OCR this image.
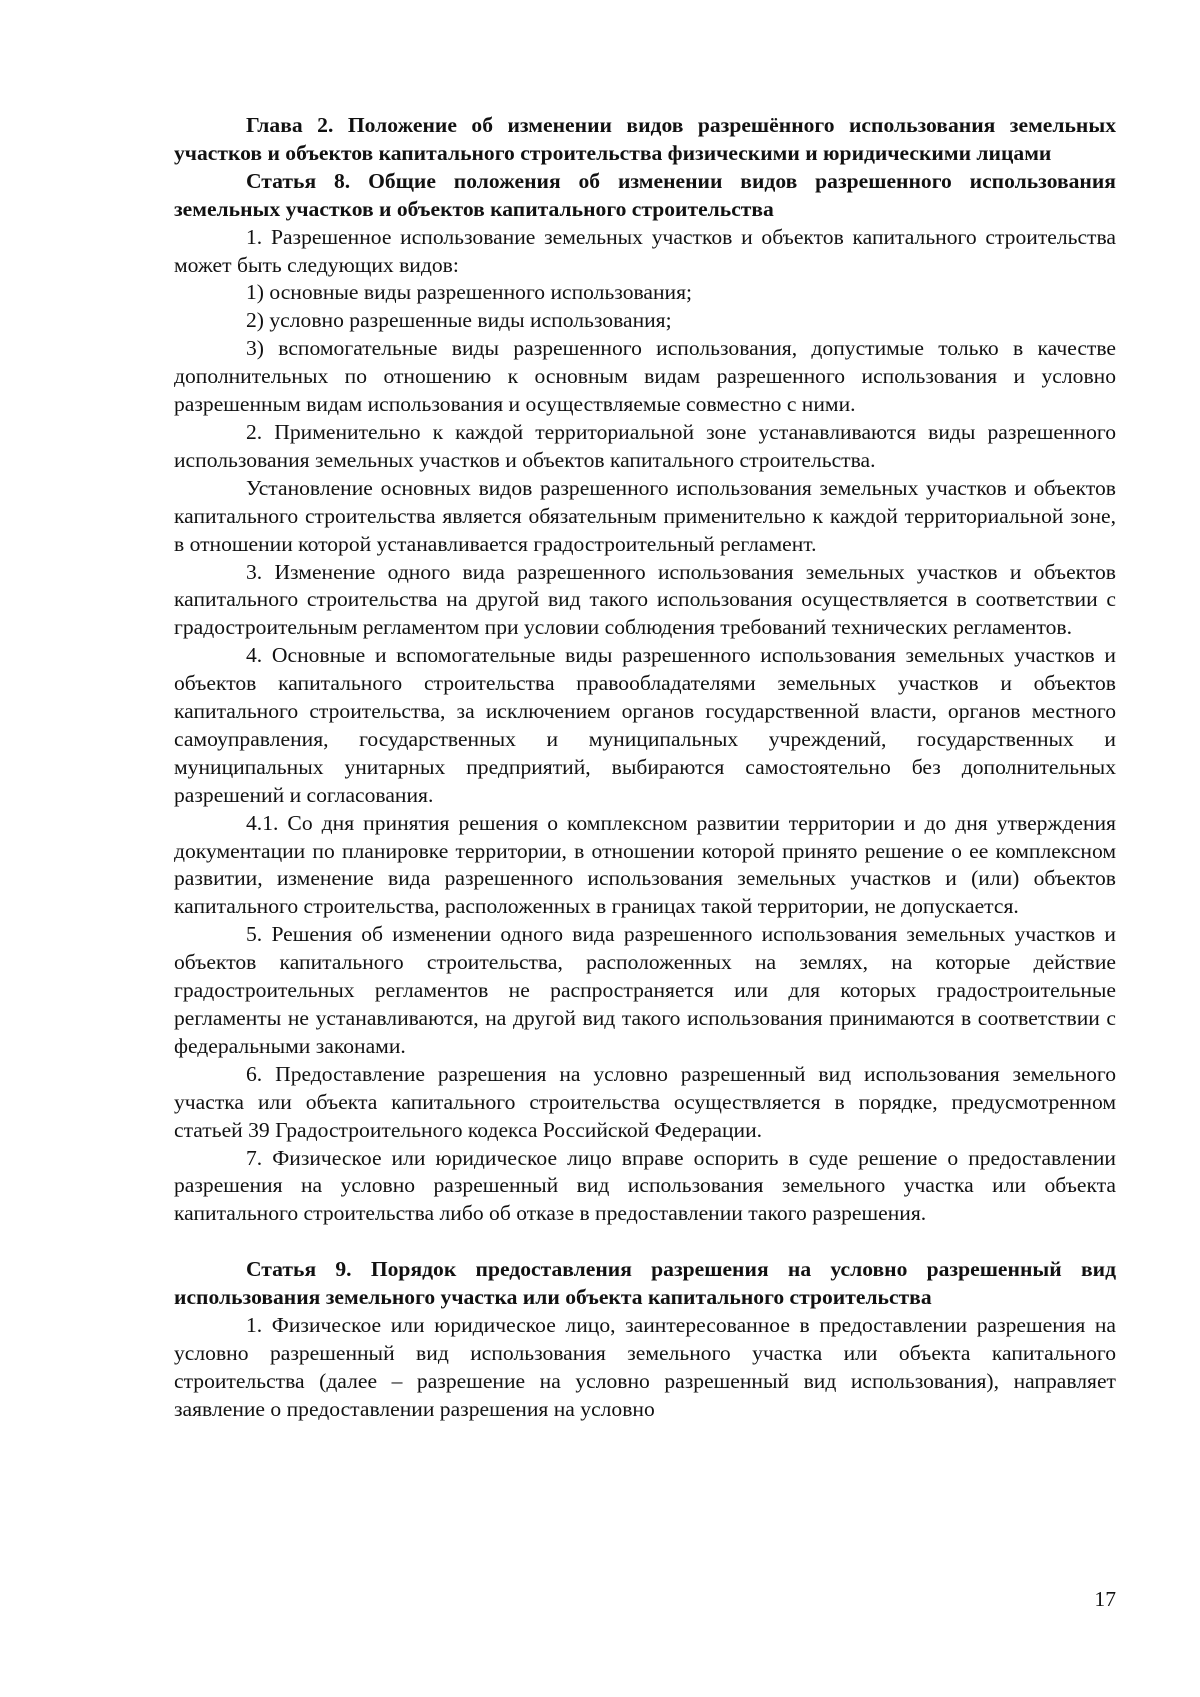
Глава 2. Положение об изменении видов разрешённого использования земельных участков и объектов капитального строительства физическими и юридическими лицами

Статья 8. Общие положения об изменении видов разрешенного использования земельных участков и объектов капитального строительства

1. Разрешенное использование земельных участков и объектов капитального строительства может быть следующих видов:

1) основные виды разрешенного использования;

2) условно разрешенные виды использования;

3) вспомогательные виды разрешенного использования, допустимые только в качестве дополнительных по отношению к основным видам разрешенного использования и условно разрешенным видам использования и осуществляемые совместно с ними.

2. Применительно к каждой территориальной зоне устанавливаются виды разрешенного использования земельных участков и объектов капитального строительства.

Установление основных видов разрешенного использования земельных участков и объектов капитального строительства является обязательным применительно к каждой территориальной зоне, в отношении которой устанавливается градостроительный регламент.

3. Изменение одного вида разрешенного использования земельных участков и объектов капитального строительства на другой вид такого использования осуществляется в соответствии с градостроительным регламентом при условии соблюдения требований технических регламентов.

4. Основные и вспомогательные виды разрешенного использования земельных участков и объектов капитального строительства правообладателями земельных участков и объектов капитального строительства, за исключением органов государственной власти, органов местного самоуправления, государственных и муниципальных учреждений, государственных и муниципальных унитарных предприятий, выбираются самостоятельно без дополнительных разрешений и согласования.

4.1. Со дня принятия решения о комплексном развитии территории и до дня утверждения документации по планировке территории, в отношении которой принято решение о ее комплексном развитии, изменение вида разрешенного использования земельных участков и (или) объектов капитального строительства, расположенных в границах такой территории, не допускается.

5. Решения об изменении одного вида разрешенного использования земельных участков и объектов капитального строительства, расположенных на землях, на которые действие градостроительных регламентов не распространяется или для которых градостроительные регламенты не устанавливаются, на другой вид такого использования принимаются в соответствии с федеральными законами.

6. Предоставление разрешения на условно разрешенный вид использования земельного участка или объекта капитального строительства осуществляется в порядке, предусмотренном статьей 39 Градостроительного кодекса Российской Федерации.

7. Физическое или юридическое лицо вправе оспорить в суде решение о предоставлении разрешения на условно разрешенный вид использования земельного участка или объекта капитального строительства либо об отказе в предоставлении такого разрешения.

Статья 9. Порядок предоставления разрешения на условно разрешенный вид использования земельного участка или объекта капитального строительства

1. Физическое или юридическое лицо, заинтересованное в предоставлении разрешения на условно разрешенный вид использования земельного участка или объекта капитального строительства (далее – разрешение на условно разрешенный вид использования), направляет заявление о предоставлении разрешения на условно

17
